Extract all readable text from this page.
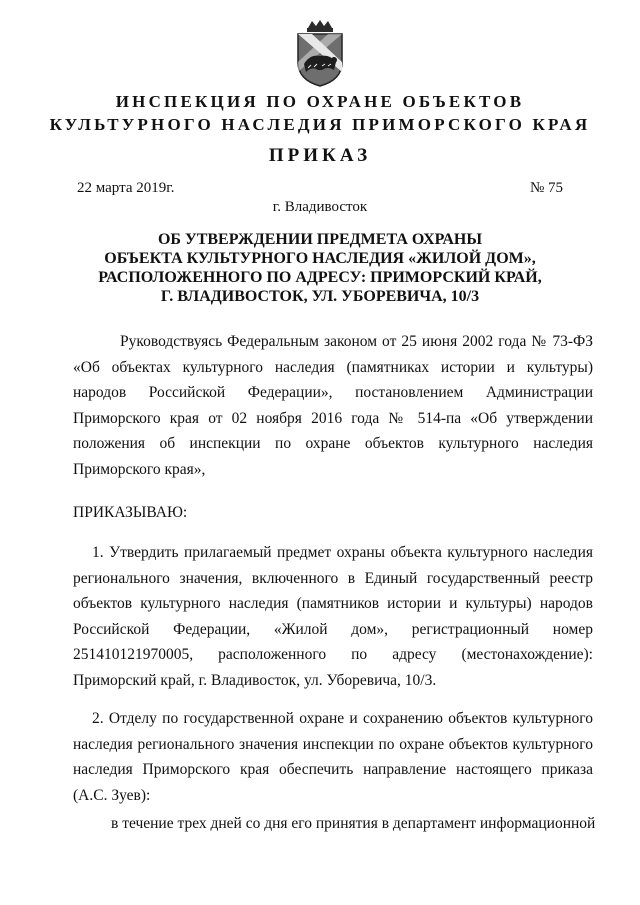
ИНСПЕКЦИЯ ПО ОХРАНЕ ОБЪЕКТОВ
КУЛЬТУРНОГО НАСЛЕДИЯ ПРИМОРСКОГО КРАЯ
ПРИКАЗ
22 марта 2019г.	№ 75
г. Владивосток
ОБ УТВЕРЖДЕНИИ ПРЕДМЕТА ОХРАНЫ
ОБЪЕКТА КУЛЬТУРНОГО НАСЛЕДИЯ «ЖИЛОЙ ДОМ»,
РАСПОЛОЖЕННОГО ПО АДРЕСУ: ПРИМОРСКИЙ КРАЙ,
Г. ВЛАДИВОСТОК, УЛ. УБОРЕВИЧА, 10/3
Руководствуясь Федеральным законом от 25 июня 2002 года № 73-ФЗ «Об объектах культурного наследия (памятниках истории и культуры) народов Российской Федерации», постановлением Администрации Приморского края от 02 ноября 2016 года № 514-па «Об утверждении положения об инспекции по охране объектов культурного наследия Приморского края»,
ПРИКАЗЫВАЮ:
1. Утвердить прилагаемый предмет охраны объекта культурного наследия регионального значения, включенного в Единый государственный реестр объектов культурного наследия (памятников истории и культуры) народов Российской Федерации, «Жилой дом», регистрационный номер 251410121970005, расположенного по адресу (местонахождение): Приморский край, г. Владивосток, ул. Уборевича, 10/3.
2. Отделу по государственной охране и сохранению объектов культурного наследия регионального значения инспекции по охране объектов культурного наследия Приморского края обеспечить направление настоящего приказа (А.С. Зуев):
в течение трех дней со дня его принятия в департамент информационной
